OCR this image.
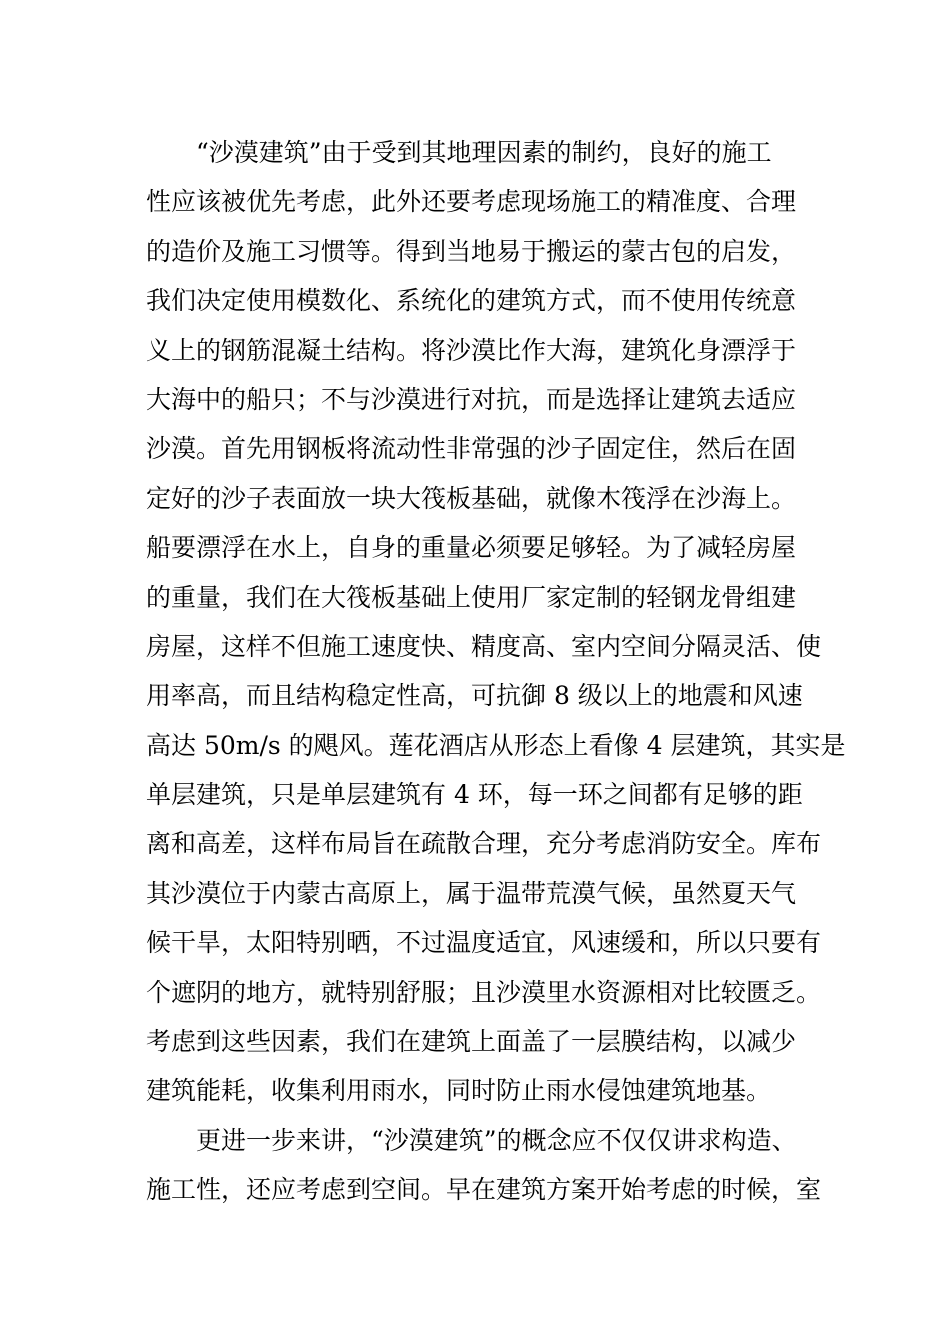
“沙漠建筑”由于受到其地理因素的制约，良好的施工
性应该被优先考虑，此外还要考虑现场施工的精准度、合理
的造价及施工习惯等。得到当地易于搬运的蒙古包的启发，
我们决定使用模数化、系统化的建筑方式，而不使用传统意
义上的钢筋混凝土结构。将沙漠比作大海，建筑化身漂浮于
大海中的船只；不与沙漠进行对抗，而是选择让建筑去适应
沙漠。首先用钢板将流动性非常强的沙子固定住，然后在固
定好的沙子表面放一块大筏板基础，就像木筏浮在沙海上。
船要漂浮在水上，自身的重量必须要足够轻。为了减轻房屋
的重量，我们在大筏板基础上使用厂家定制的轻钢龙骨组建
房屋，这样不但施工速度快、精度高、室内空间分隔灵活、使
用率高，而且结构稳定性高，可抗御 8 级以上的地震和风速
高达 50m/s 的飓风。莲花酒店从形态上看像 4 层建筑，其实是
单层建筑，只是单层建筑有 4 环，每一环之间都有足够的距
离和高差，这样布局旨在疏散合理，充分考虑消防安全。库布
其沙漠位于内蒙古高原上，属于温带荒漠气候，虽然夏天气
候干旱，太阳特别晒，不过温度适宜，风速缓和，所以只要有
个遮阴的地方，就特别舒服；且沙漠里水资源相对比较匮乏。
考虑到这些因素，我们在建筑上面盖了一层膜结构，以减少
建筑能耗，收集利用雨水，同时防止雨水侵蚀建筑地基。
更进一步来讲，“沙漠建筑”的概念应不仅仅讲求构造、
施工性，还应考虑到空间。早在建筑方案开始考虑的时候，室
